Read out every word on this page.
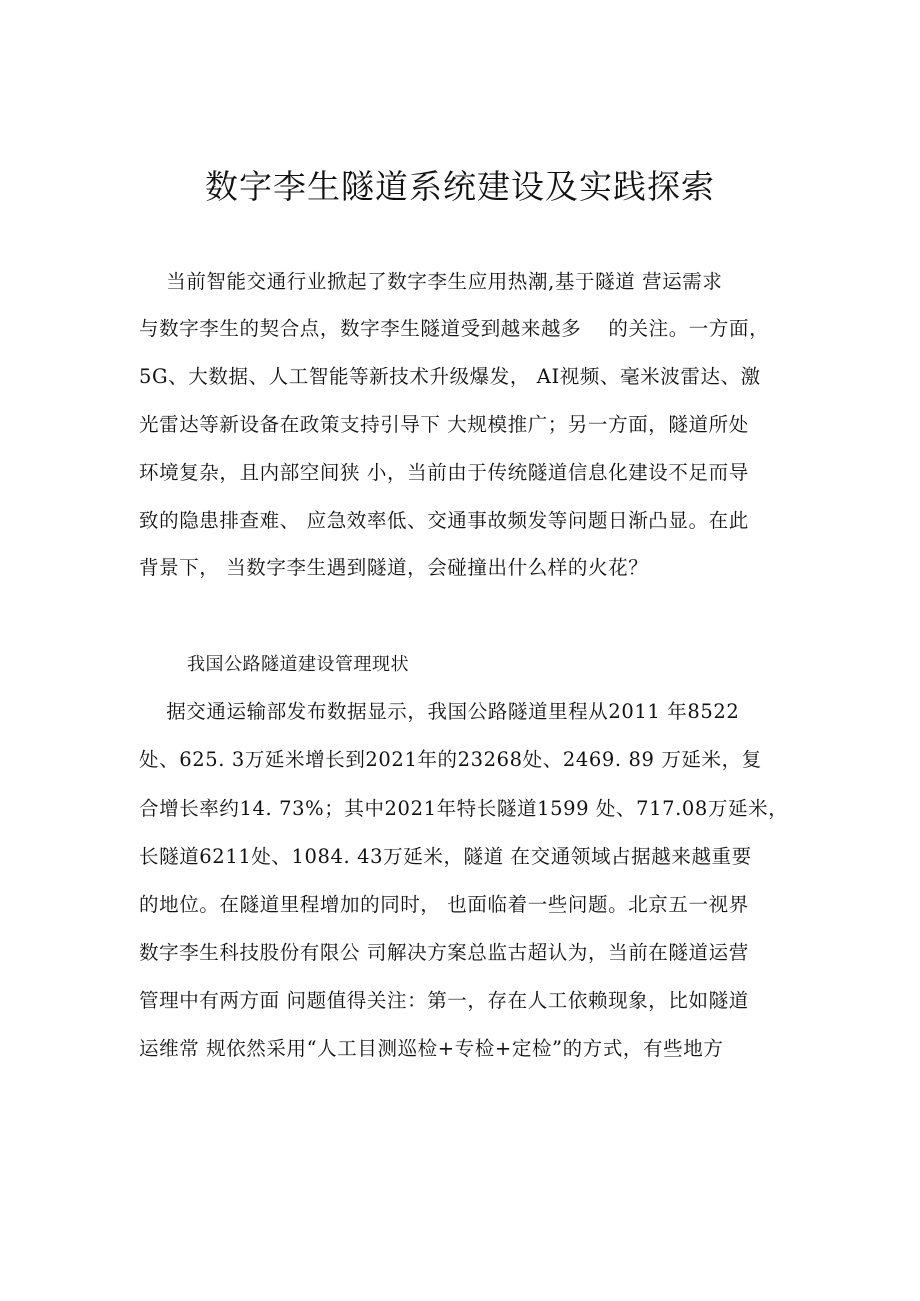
数字李生隧道系统建设及实践探索
当前智能交通行业掀起了数字李生应用热潮,基于隧道 营运需求
与数字李生的契合点，数字李生隧道受到越来越多    的关注。一方面，
5G、大数据、人工智能等新技术升级爆发， AI视频、毫米波雷达、激
光雷达等新设备在政策支持引导下 大规模推广；另一方面，隧道所处
环境复杂，且内部空间狭 小，当前由于传统隧道信息化建设不足而导
致的隐患排查难、 应急效率低、交通事故频发等问题日渐凸显。在此
背景下， 当数字李生遇到隧道，会碰撞出什么样的火花？
我国公路隧道建设管理现状
据交通运输部发布数据显示，我国公路隧道里程从2011 年8522
处、625. 3万延米增长到2021年的23268处、2469. 89 万延米，复
合增长率约14. 73%；其中2021年特长隧道1599 处、717.08万延米，
长隧道6211处、1084. 43万延米，隧道 在交通领域占据越来越重要
的地位。在隧道里程增加的同时， 也面临着一些问题。北京五一视界
数字李生科技股份有限公 司解决方案总监古超认为，当前在隧道运营
管理中有两方面 问题值得关注：第一，存在人工依赖现象，比如隧道
运维常 规依然采用“人工目测巡检+专检+定检”的方式，有些地方
